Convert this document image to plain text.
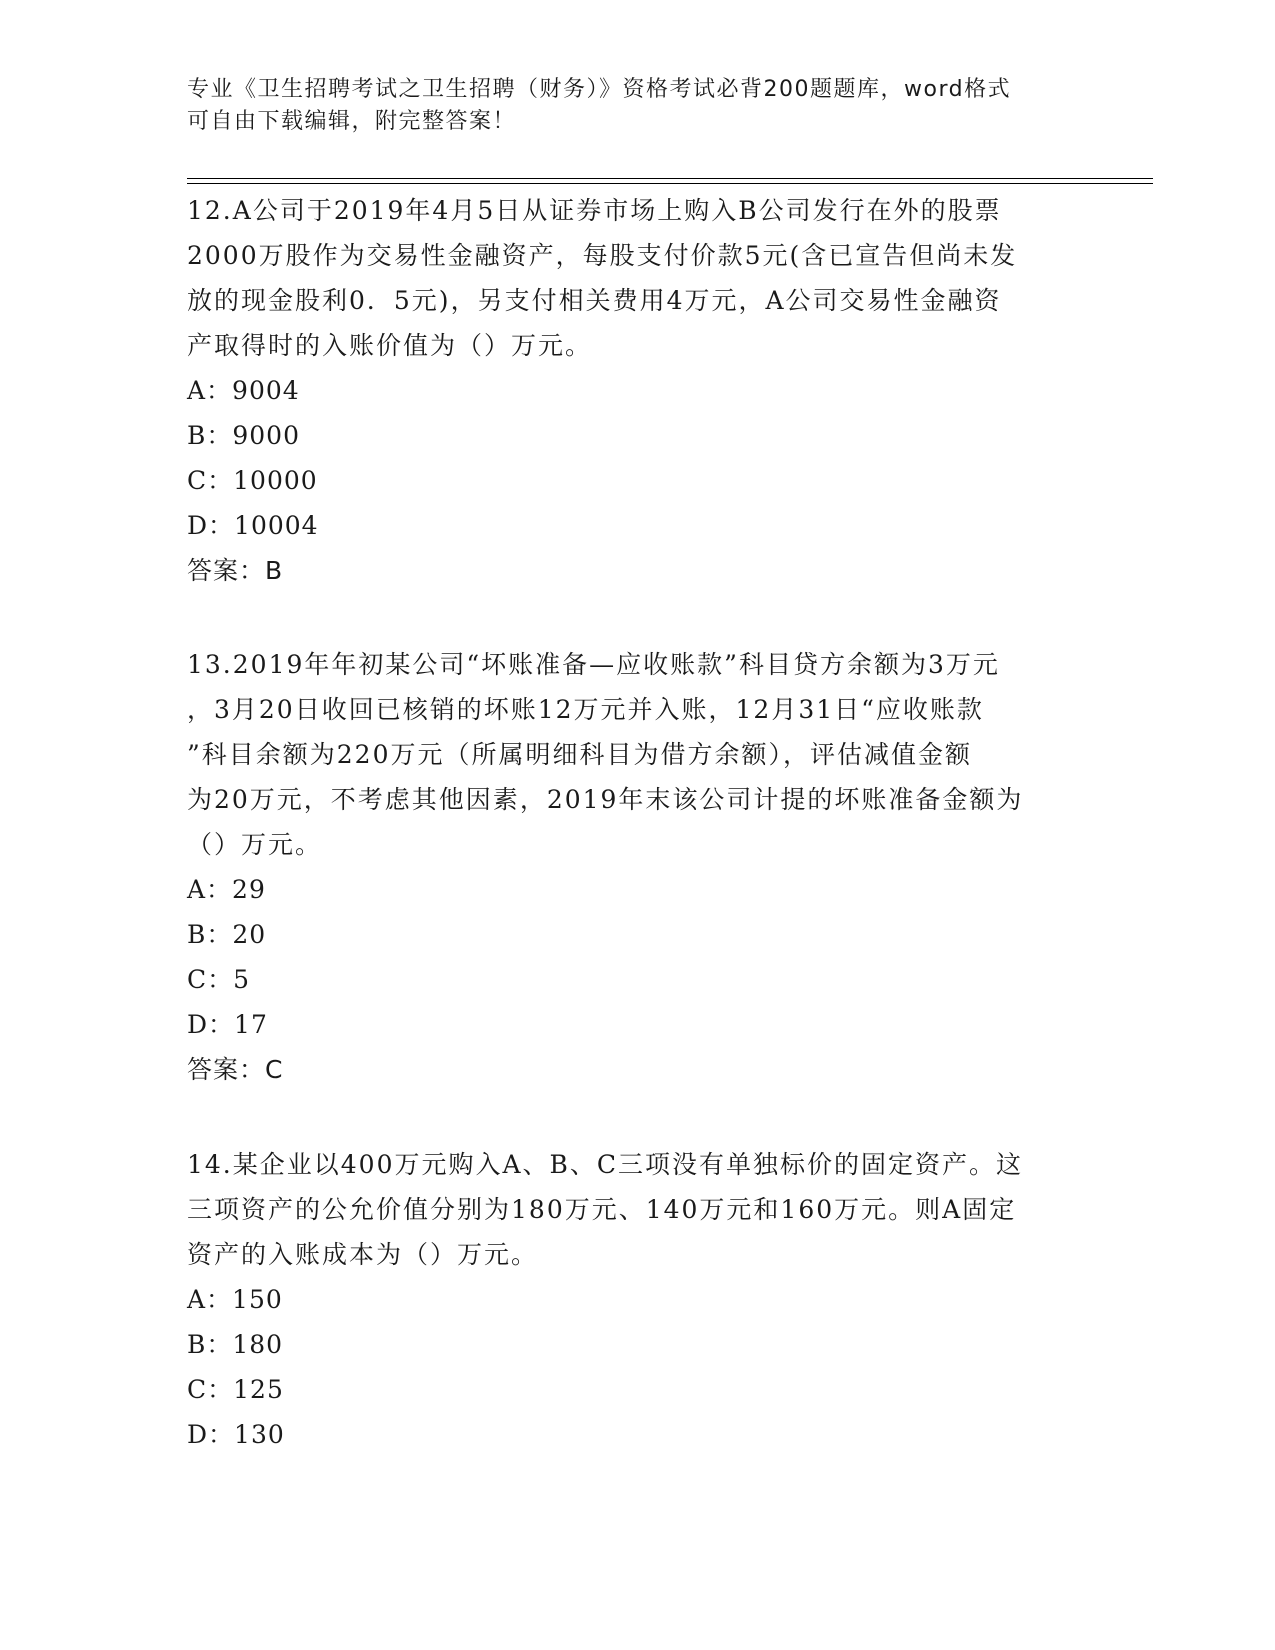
专业《卫生招聘考试之卫生招聘（财务）》资格考试必背200题题库，word格式
可自由下载编辑，附完整答案！

12.A公司于2019年4月5日从证券市场上购入B公司发行在外的股票
2000万股作为交易性金融资产，每股支付价款5元(含已宣告但尚未发
放的现金股利0．5元)，另支付相关费用4万元，A公司交易性金融资
产取得时的入账价值为（）万元。

A：9004
B：9000
C：10000
D：10004
答案：B

13.2019年年初某公司“坏账准备—应收账款”科目贷方余额为3万元
，3月20日收回已核销的坏账12万元并入账，12月31日“应收账款
”科目余额为220万元（所属明细科目为借方余额），评估减值金额
为20万元，不考虑其他因素，2019年末该公司计提的坏账准备金额为
（）万元。

A：29
B：20
C：5
D：17
答案：C

14.某企业以400万元购入A、B、C三项没有单独标价的固定资产。这
三项资产的公允价值分别为180万元、140万元和160万元。则A固定
资产的入账成本为（）万元。

A：150
B：180
C：125
D：130
